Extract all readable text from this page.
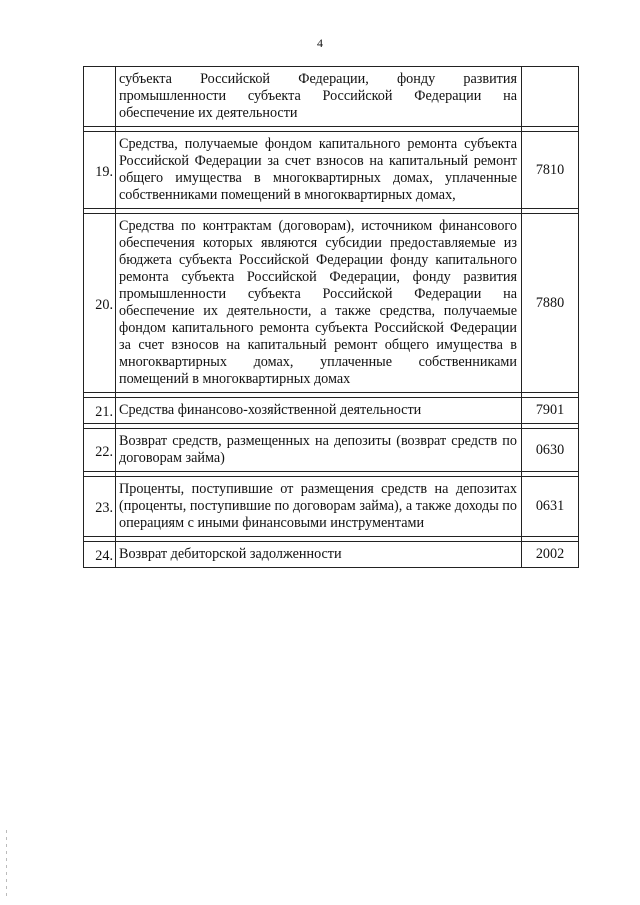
4
	субъекта Российской Федерации, фонду развития промышленности субъекта Российской Федерации на обеспечение их деятельности	

19.	Средства, получаемые фондом капитального ремонта субъекта Российской Федерации за счет взносов на капитальный ремонт общего имущества в многоквартирных домах, уплаченные собственниками помещений в многоквартирных домах,	7810

20.	Средства по контрактам (договорам), источником финансового обеспечения которых являются субсидии предоставляемые из бюджета субъекта Российской Федерации фонду капитального ремонта субъекта Российской Федерации, фонду развития промышленности субъекта Российской Федерации на обеспечение их деятельности, а также средства, получаемые фондом капитального ремонта субъекта Российской Федерации за счет взносов на капитальный ремонт общего имущества в многоквартирных домах, уплаченные собственниками помещений в многоквартирных домах	7880

21.	Средства финансово-хозяйственной деятельности	7901

22.	Возврат средств, размещенных на депозиты (возврат средств по договорам займа)	0630

23.	Проценты, поступившие от размещения средств на депозитах (проценты, поступившие по договорам займа), а также доходы по операциям с иными финансовыми инструментами	0631

24.	Возврат дебиторской задолженности	2002
